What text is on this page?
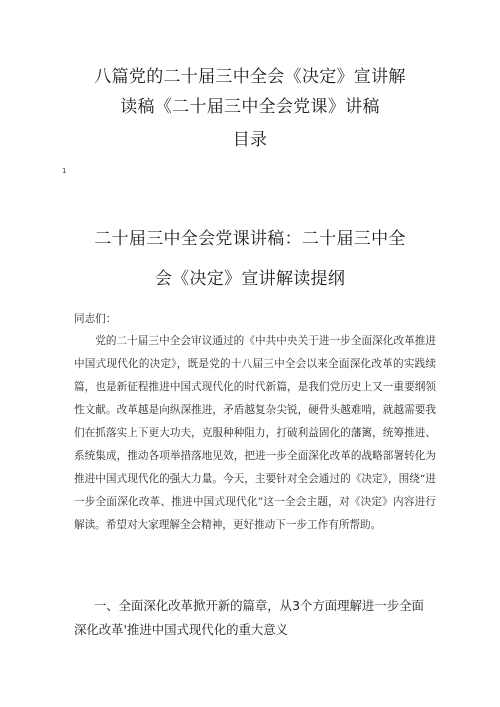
八篇党的二十届三中全会《决定》宣讲解
读稿《二十届三中全会党课》讲稿
目录
1
二十届三中全会党课讲稿：二十届三中全
会《决定》宣讲解读提纲
同志们：
党的二十届三中全会审议通过的《中共中央关于进一步全面深化改革推进中国式现代化的决定》，既是党的十八届三中全会以来全面深化改革的实践续篇，也是新征程推进中国式现代化的时代新篇，是我们党历史上又一重要纲领性文献。改革越是向纵深推进，矛盾越复杂尖锐，硬骨头越难啃，就越需要我们在抓落实上下更大功夫，克服种种阻力，打破利益固化的藩篱，统筹推进、系统集成，推动各项举措落地见效，把进一步全面深化改革的战略部署转化为推进中国式现代化的强大力量。今天，主要针对全会通过的《决定》，围绕“进一步全面深化改革、推进中国式现代化”这一全会主题，对《决定》内容进行解读。希望对大家理解全会精神，更好推动下一步工作有所帮助。
一、全面深化改革掀开新的篇章，从3个方面理解进一步全面深化改革'推进中国式现代化的重大意义
